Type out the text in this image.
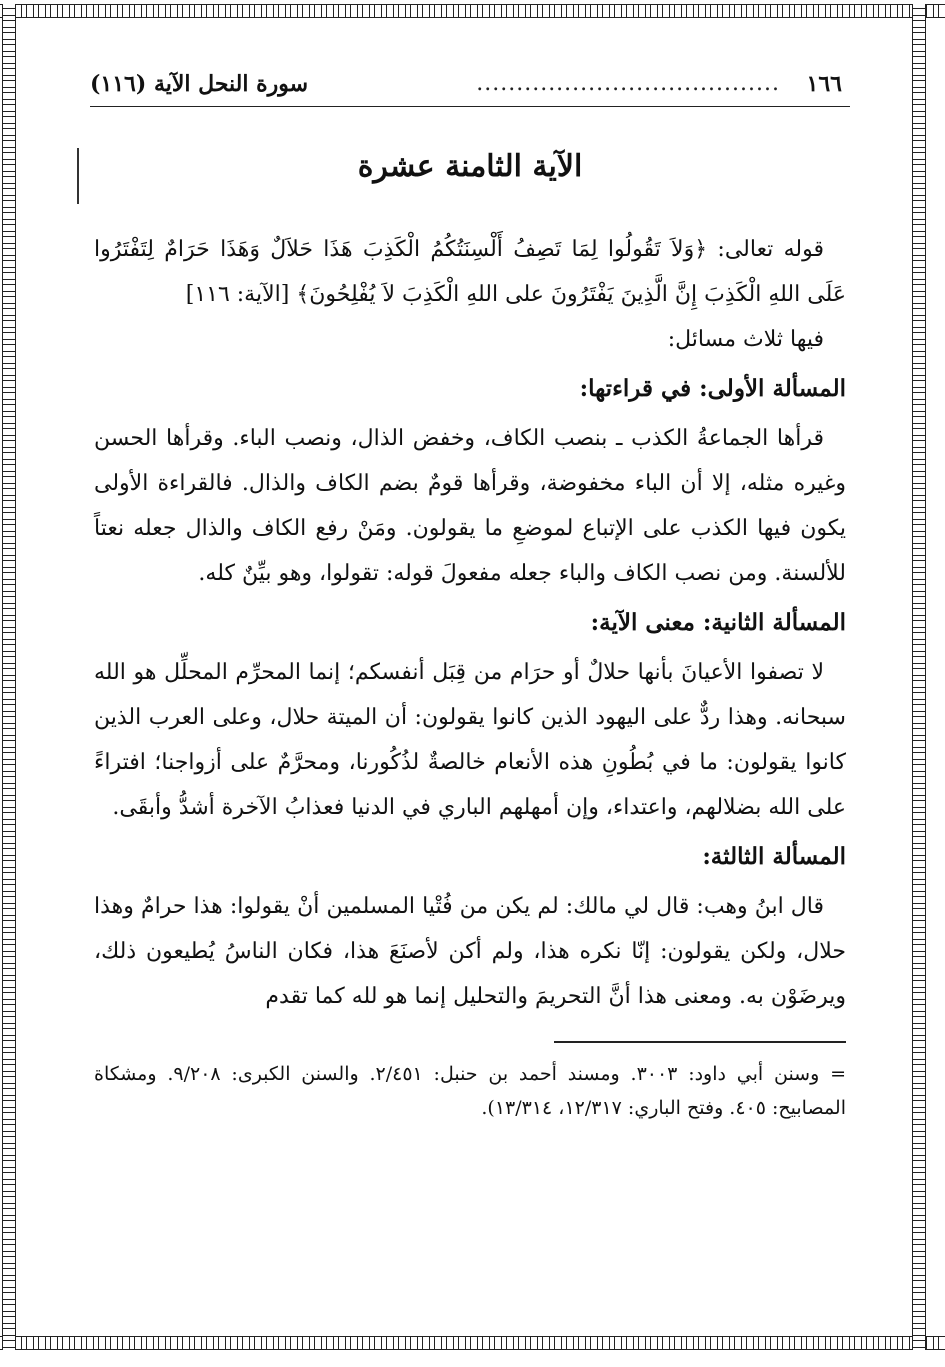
١٦٦
......................................
سورة النحل الآية (١١٦)
الآية الثامنة عشرة

قوله تعالى: ﴿وَلاَ تَقُولُوا لِمَا تَصِفُ أَلْسِنَتُكُمُ الْكَذِبَ هَذَا حَلاَلٌ وَهَذَا حَرَامٌ لِتَفْتَرُوا عَلَى اللهِ الْكَذِبَ إِنَّ الَّذِينَ يَفْتَرُونَ على اللهِ الْكَذِبَ لاَ يُفْلِحُونَ﴾ [الآية: ١١٦]

فيها ثلاث مسائل:

المسألة الأولى: في قراءتها:

قرأها الجماعةُ الكذب ـ بنصب الكاف، وخفض الذال، ونصب الباء. وقرأها الحسن وغيره مثله، إلا أن الباء مخفوضة، وقرأها قومٌ بضم الكاف والذال. فالقراءة الأولى يكون فيها الكذب على الإتباع لموضعِ ما يقولون. ومَنْ رفع الكاف والذال جعله نعتاً للألسنة. ومن نصب الكاف والباء جعله مفعولَ قوله: تقولوا، وهو بيِّنٌ كله.

المسألة الثانية: معنى الآية:

لا تصفوا الأعيانَ بأنها حلالٌ أو حرَام من قِبَل أنفسكم؛ إنما المحرِّم المحلِّل هو الله سبحانه. وهذا ردٌّ على اليهود الذين كانوا يقولون: أن الميتة حلال، وعلى العرب الذين كانوا يقولون: ما في بُطُونِ هذه الأنعام خالصةٌ لذُكُورنا، ومحرَّمٌ على أزواجنا؛ افتراءً على الله بضلالهم، واعتداء، وإن أمهلهم الباري في الدنيا فعذابُ الآخرة أشدُّ وأبقَى.

المسألة الثالثة:

قال ابنُ وهب: قال لي مالك: لم يكن من فُتْيا المسلمين أنْ يقولوا: هذا حرامٌ وهذا حلال، ولكن يقولون: إنّا نكره هذا، ولم أكن لأصنَعَ هذا، فكان الناسُ يُطيعون ذلك، ويرضَوْن به. ومعنى هذا أنَّ التحريمَ والتحليل إنما هو لله كما تقدم

= وسنن أبي داود: ٣٠٠٣. ومسند أحمد بن حنبل: ٢/٤٥١. والسنن الكبرى: ٩/٢٠٨. ومشكاة المصابيح: ٤٠٥. وفتح الباري: ١٢/٣١٧، ١٣/٣١٤).
